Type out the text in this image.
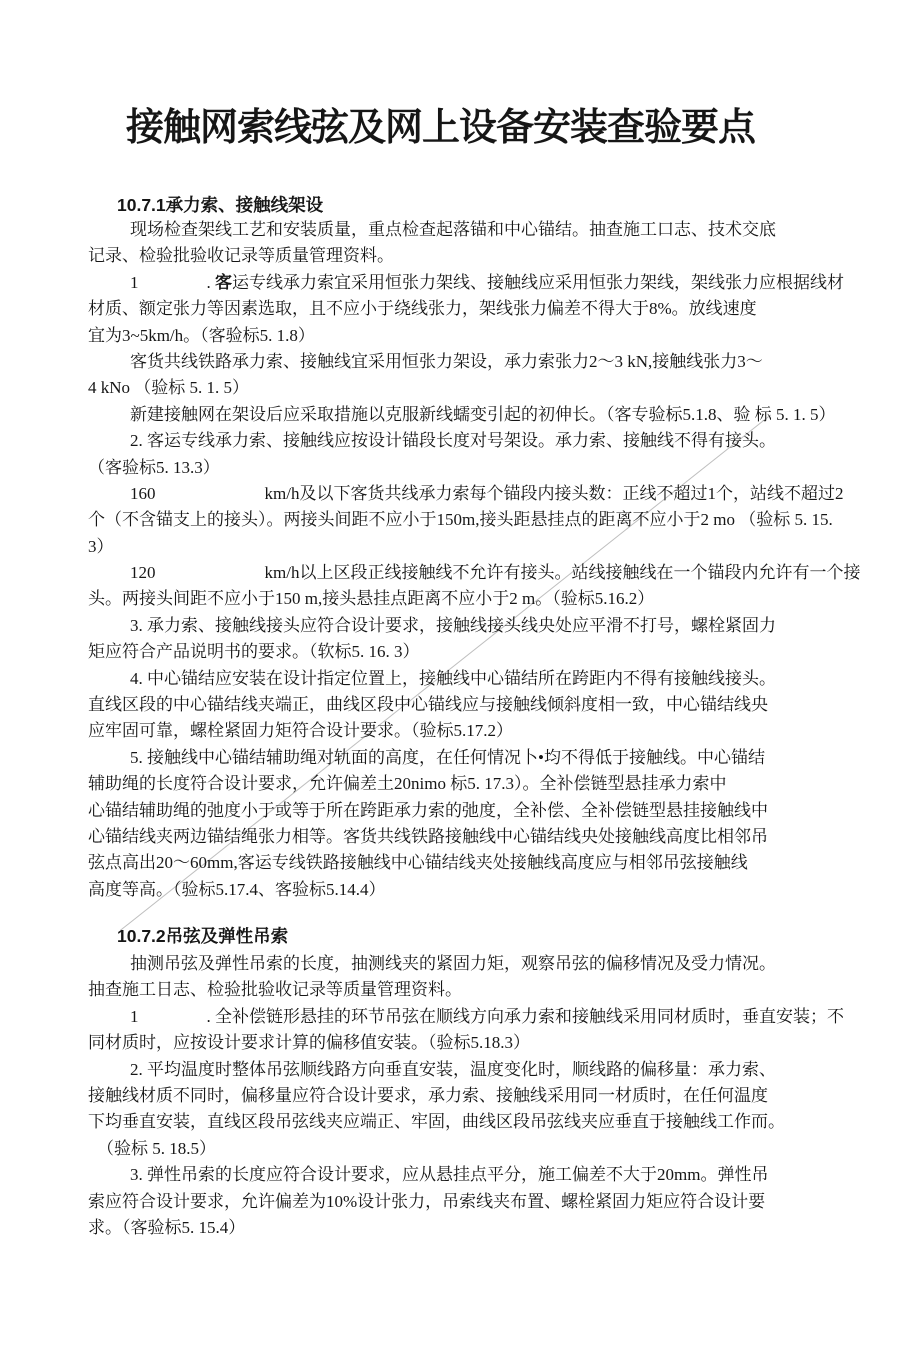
接触网索线弦及网上设备安装查验要点
10.7.1承力索、接触线架设
现场检查架线工艺和安装质量，重点检查起落锚和中心锚结。抽查施工口志、技术交底
记录、检验批验收记录等质量管理资料。
1	. 客运专线承力索宜采用恒张力架线、接触线应采用恒张力架线，架线张力应根据线材
材质、额定张力等因素选取，且不应小于绕线张力，架线张力偏差不得大于8%。放线速度
宜为3~5km/h。（客验标5. 1.8）
客货共线铁路承力索、接触线宜采用恒张力架设，承力索张力2～3 kN,接触线张力3～
4 kNo （验标 5. 1. 5）
新建接触网在架设后应采取措施以克服新线蠕变引起的初伸长。（客专验标5.1.8、验 标 5. 1. 5）
2. 客运专线承力索、接触线应按设计锚段长度对号架设。承力索、接触线不得有接头。
（客验标5. 13.3）
160	km/h及以下客货共线承力索每个锚段内接头数：正线不超过1个，站线不超过2
个（不含锚支上的接头）。两接头间距不应小于150m,接头距悬挂点的距离不应小于2 mo （验标 5. 15.
3）
120	km/h以上区段正线接触线不允许有接头。站线接触线在一个锚段内允许有一个接
头。两接头间距不应小于150 m,接头悬挂点距离不应小于2 m。（验标5.16.2）
3. 承力索、接触线接头应符合设计要求，接触线接头线央处应平滑不打号，螺栓紧固力
矩应符合产品说明书的要求。（软标5. 16. 3）
4. 中心锚结应安装在设计指定位置上，接触线中心锚结所在跨距内不得有接触线接头。
直线区段的中心锚结线夹端正，曲线区段中心锚线应与接触线倾斜度相一致，中心锚结线央
应牢固可靠，螺栓紧固力矩符合设计要求。（验标5.17.2）
5. 接触线中心锚结辅助绳对轨面的高度，在任何情况卜•均不得低于接触线。中心锚结
辅助绳的长度符合设计要求，允许偏差土20nimo 标5. 17.3）。全补偿链型悬挂承力索中
心锚结辅助绳的弛度小于或等于所在跨距承力索的弛度，全补偿、全补偿链型悬挂接触线中
心锚结线夹两边锚结绳张力相等。客货共线铁路接触线中心锚结线央处接触线高度比相邻吊
弦点高出20～60mm,客运专线铁路接触线中心锚结线夹处接触线高度应与相邻吊弦接触线
高度等高。（验标5.17.4、客验标5.14.4）
10.7.2吊弦及弹性吊索
抽测吊弦及弹性吊索的长度，抽测线夹的紧固力矩，观察吊弦的偏移情况及受力情况。
抽查施工日志、检验批验收记录等质量管理资料。
1	. 全补偿链形悬挂的环节吊弦在顺线方向承力索和接触线采用同材质时，垂直安装；不
同材质时，应按设计要求计算的偏移值安装。（验标5.18.3）
2. 平均温度时整体吊弦顺线路方向垂直安装，温度变化时，顺线路的偏移量：承力索、
接触线材质不同时，偏移量应符合设计要求，承力索、接触线采用同一材质时，在任何温度
下均垂直安装，直线区段吊弦线夹应端正、牢固，曲线区段吊弦线夹应垂直于接触线工作而。
（验标 5. 18.5）
3. 弹性吊索的长度应符合设计要求，应从悬挂点平分，施工偏差不大于20mm。弹性吊
索应符合设计要求，允许偏差为10%设计张力，吊索线夹布置、螺栓紧固力矩应符合设计要
求。（客验标5. 15.4）
